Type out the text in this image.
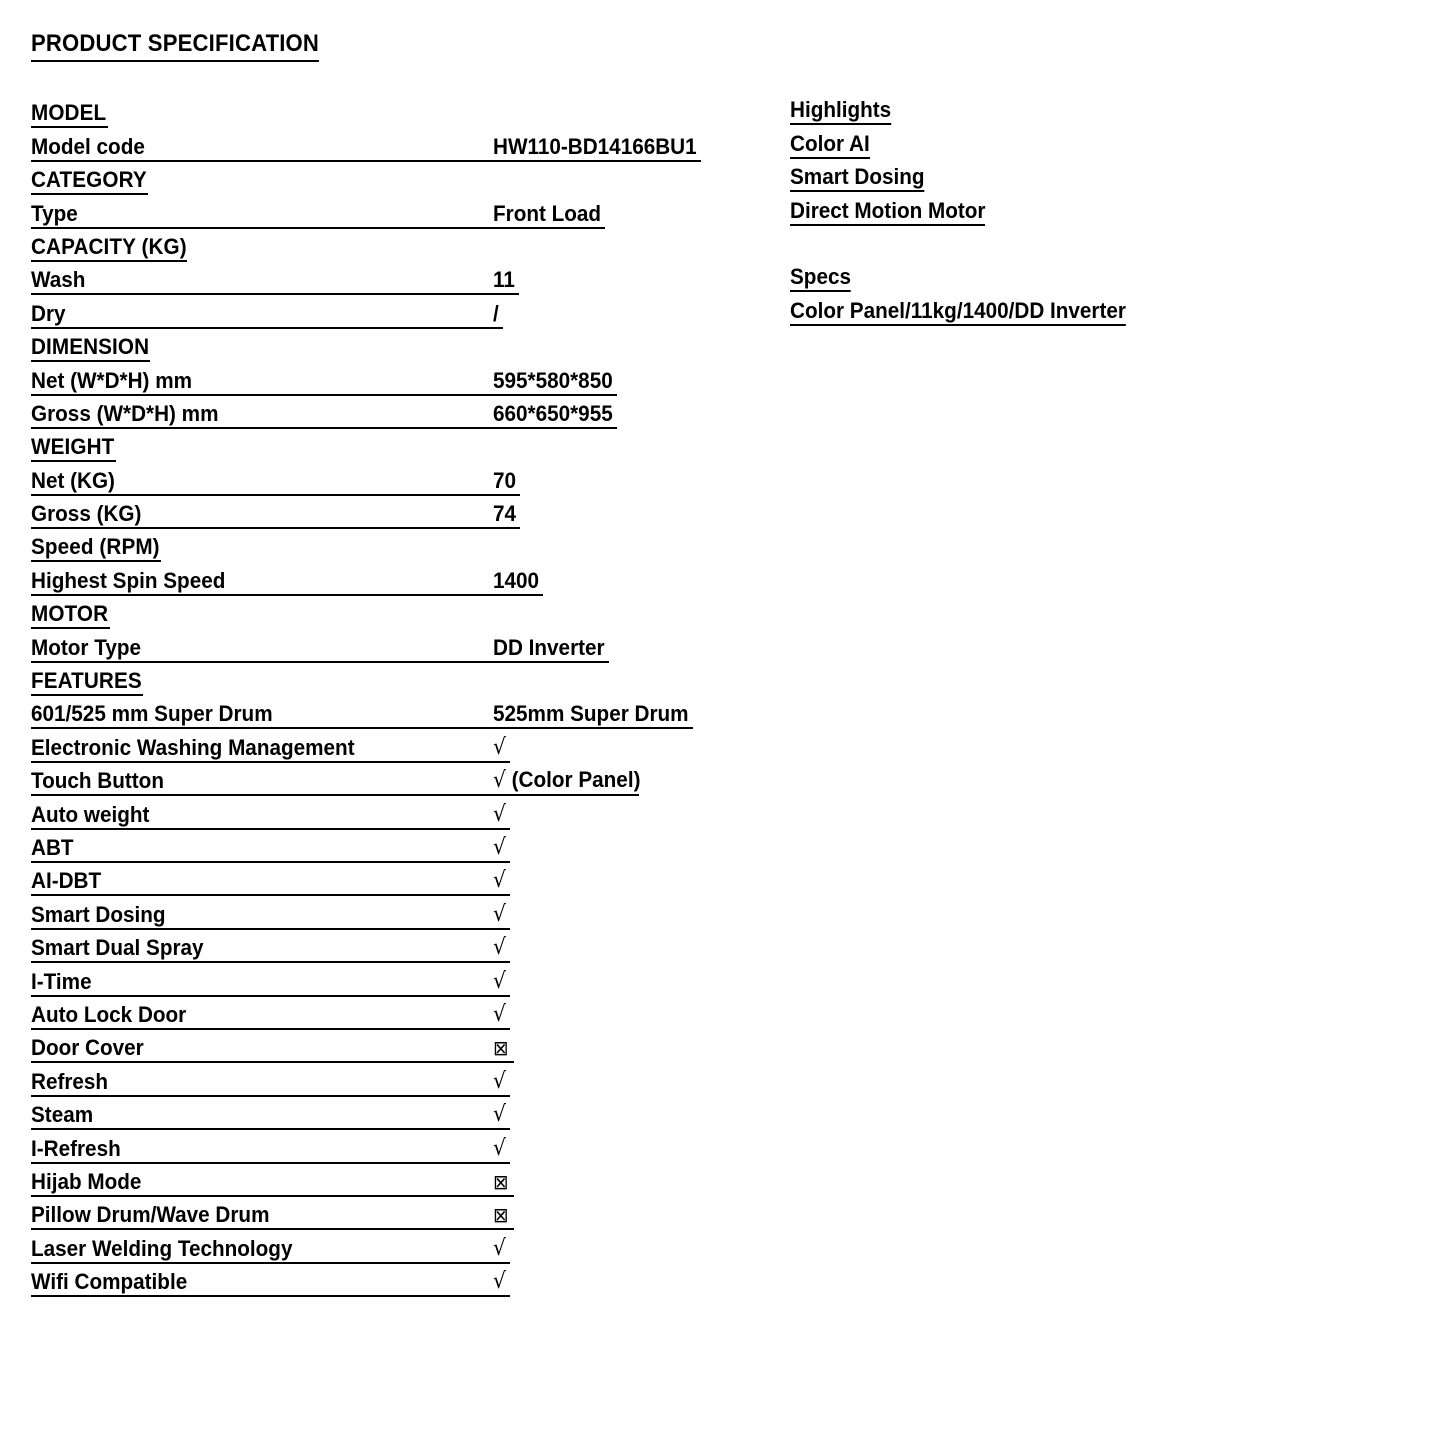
PRODUCT SPECIFICATION
MODEL
Model code	HW110-BD14166BU1
CATEGORY
Type	Front Load
CAPACITY (KG)
Wash	11
Dry	/
DIMENSION
Net (W*D*H) mm	595*580*850
Gross (W*D*H) mm	660*650*955
WEIGHT
Net (KG)	70
Gross (KG)	74
Speed (RPM)
Highest Spin Speed	1400
MOTOR
Motor Type	DD Inverter
FEATURES
601/525 mm Super Drum	525mm Super Drum
Electronic Washing Management	√
Touch Button	√ (Color Panel)
Auto weight	√
ABT	√
AI-DBT	√
Smart Dosing	√
Smart Dual Spray	√
I-Time	√
Auto Lock Door	√
Door Cover	⊠
Refresh	√
Steam	√
I-Refresh	√
Hijab Mode	⊠
Pillow Drum/Wave Drum	⊠
Laser Welding Technology	√
Wifi Compatible	√
Highlights
Color AI
Smart Dosing
Direct Motion Motor
Specs
Color Panel/11kg/1400/DD Inverter
